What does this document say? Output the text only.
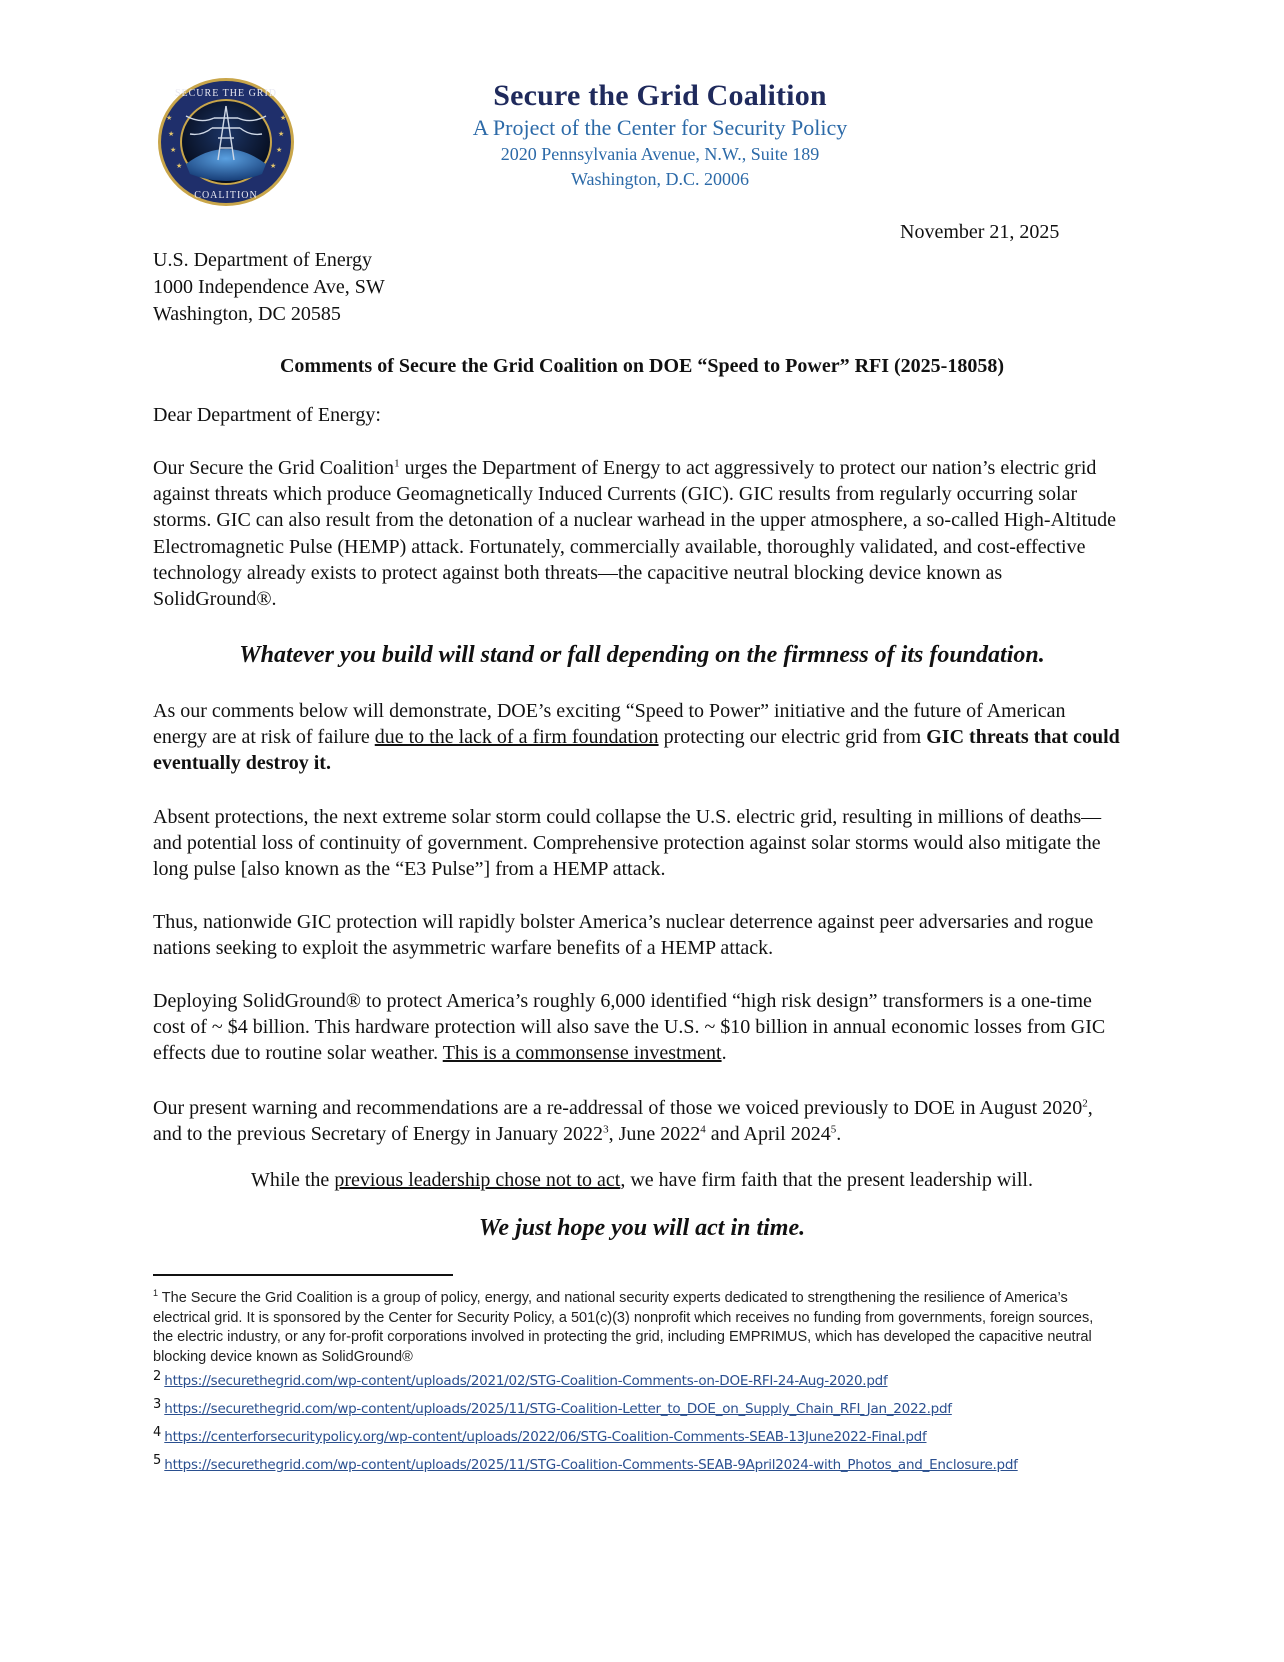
★
★
★
★
★
★
★	★
SECURE THE GRID
COALITION
Secure the Grid Coalition
A Project of the Center for Security Policy
2020 Pennsylvania Avenue, N.W., Suite 189
Washington, D.C. 20006
November 21, 2025
U.S. Department of Energy
1000 Independence Ave, SW
Washington, DC 20585
Comments of Secure the Grid Coalition on DOE “Speed to Power” RFI (2025-18058)
Dear Department of Energy:
Our Secure the Grid Coalition$^1$ urges the Department of Energy to act aggressively to protect our nation’s electric grid against threats which produce Geomagnetically Induced Currents (GIC). GIC results from regularly occurring solar storms. GIC can also result from the detonation of a nuclear warhead in the upper atmosphere, a so-called High-Altitude Electromagnetic Pulse (HEMP) attack. Fortunately, commercially available, thoroughly validated, and cost-effective technology already exists to protect against both threats—the capacitive neutral blocking device known as SolidGround®.
Whatever you build will stand or fall depending on the firmness of its foundation.
As our comments below will demonstrate, DOE’s exciting “Speed to Power” initiative and the future of American energy are at risk of failure due to the lack of a firm foundation protecting our electric grid from GIC threats that could eventually destroy it.
Absent protections, the next extreme solar storm could collapse the U.S. electric grid, resulting in millions of deaths—and potential loss of continuity of government. Comprehensive protection against solar storms would also mitigate the long pulse [also known as the “E3 Pulse”] from a HEMP attack.
Thus, nationwide GIC protection will rapidly bolster America’s nuclear deterrence against peer adversaries and rogue nations seeking to exploit the asymmetric warfare benefits of a HEMP attack.
Deploying SolidGround® to protect America’s roughly 6,000 identified “high risk design” transformers is a one-time cost of ~ $4 billion. This hardware protection will also save the U.S. ~ $10 billion in annual economic losses from GIC effects due to routine solar weather. This is a commonsense investment.
Our present warning and recommendations are a re-addressal of those we voiced previously to DOE in August 2020$^2$, and to the previous Secretary of Energy in January 2022$^3$, June 2022$^4$ and April 2024$^5$.
While the previous leadership chose not to act, we have firm faith that the present leadership will.
We just hope you will act in time.
$^1$ The Secure the Grid Coalition is a group of policy, energy, and national security experts dedicated to strengthening the resilience of America’s electrical grid. It is sponsored by the Center for Security Policy, a 501(c)(3) nonprofit which receives no funding from governments, foreign sources, the electric industry, or any for-profit corporations involved in protecting the grid, including EMPRIMUS, which has developed the capacitive neutral blocking device known as SolidGround®
2 https://securethegrid.com/wp-content/uploads/2021/02/STG-Coalition-Comments-on-DOE-RFI-24-Aug-2020.pdf
3 https://securethegrid.com/wp-content/uploads/2025/11/STG-Coalition-Letter_to_DOE_on_Supply_Chain_RFI_Jan_2022.pdf
4 https://centerforsecuritypolicy.org/wp-content/uploads/2022/06/STG-Coalition-Comments-SEAB-13June2022-Final.pdf
5 https://securethegrid.com/wp-content/uploads/2025/11/STG-Coalition-Comments-SEAB-9April2024-with_Photos_and_Enclosure.pdf
